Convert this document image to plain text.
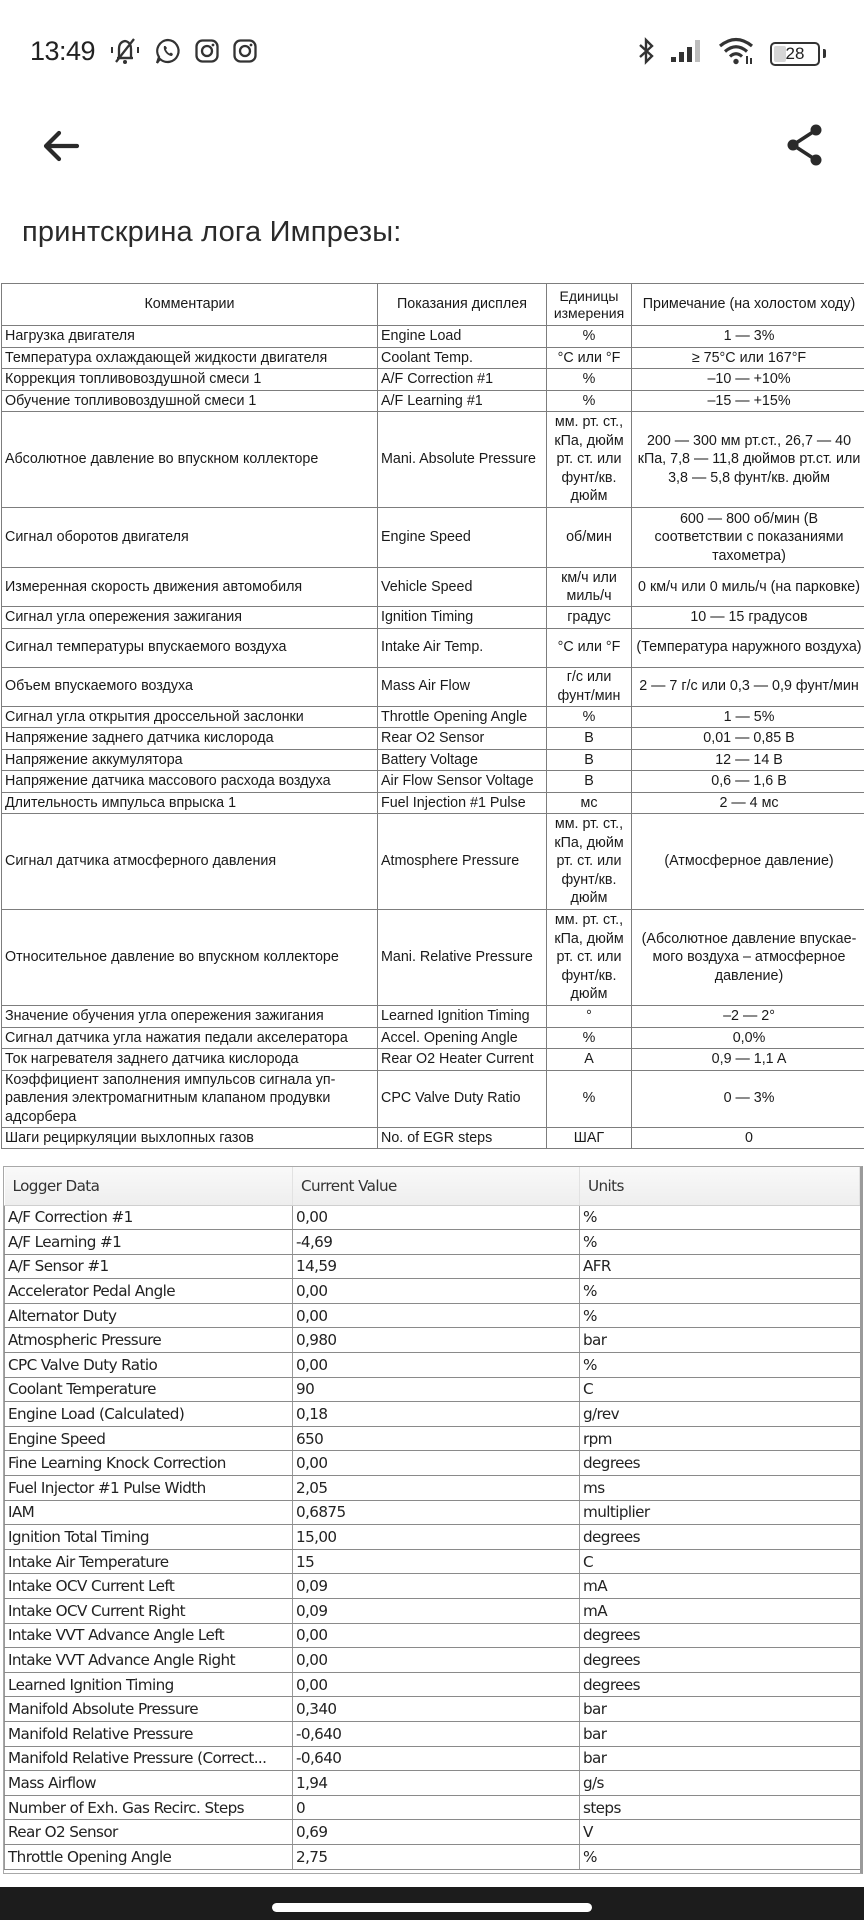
13:49	28
принтскрина лога Импрезы:
Комментарии	Показания дисплея	Единицы измерения	Примечание (на холостом ходу)
Нагрузка двигателя	Engine Load	%	1 — 3%
Температура охлаждающей жидкости двигателя	Coolant Temp.	°C или °F	≥ 75°C или 167°F
Коррекция топливовоздушной смеси 1	A/F Correction #1	%	–10 — +10%
Обучение топливовоздушной смеси 1	A/F Learning #1	%	–15 — +15%
Абсолютное давление во впускном коллекторе	Mani. Absolute Pressure	мм. рт. ст., кПа, дюйм рт. ст. или фунт/кв. дюйм	200 — 300 мм рт.ст., 26,7 — 40 кПа, 7,8 — 11,8 дюймов рт.ст. или 3,8 — 5,8 фунт/кв. дюйм
Сигнал оборотов двигателя	Engine Speed	об/мин	600 — 800 об/мин (В соответствии с показаниями тахометра)
Измеренная скорость движения автомобиля	Vehicle Speed	км/ч или миль/ч	0 км/ч или 0 миль/ч (на парковке)
Сигнал угла опережения зажигания	Ignition Timing	градус	10 — 15 градусов
Сигнал температуры впускаемого воздуха	Intake Air Temp.	°C или °F	(Температура наружного воздуха)
Объем впускаемого воздуха	Mass Air Flow	г/с или фунт/мин	2 — 7 г/с или 0,3 — 0,9 фунт/мин
Сигнал угла открытия дроссельной заслонки	Throttle Opening Angle	%	1 — 5%
Напряжение заднего датчика кислорода	Rear O2 Sensor	В	0,01 — 0,85 В
Напряжение аккумулятора	Battery Voltage	В	12 — 14 В
Напряжение датчика массового расхода воздуха	Air Flow Sensor Voltage	В	0,6 — 1,6 В
Длительность импульса впрыска 1	Fuel Injection #1 Pulse	мс	2 — 4 мс
Сигнал датчика атмосферного давления	Atmosphere Pressure	мм. рт. ст., кПа, дюйм рт. ст. или фунт/кв. дюйм	(Атмосферное давление)
Относительное давление во впускном коллекторе	Mani. Relative Pressure	мм. рт. ст., кПа, дюйм рт. ст. или фунт/кв. дюйм	(Абсолютное давление впускае-мого воздуха – атмосферное давление)
Значение обучения угла опережения зажигания	Learned Ignition Timing	°	–2 — 2°
Сигнал датчика угла нажатия педали акселератора	Accel. Opening Angle	%	0,0%
Ток нагревателя заднего датчика кислорода	Rear O2 Heater Current	A	0,9 — 1,1 A
Коэффициент заполнения импульсов сигнала уп-равления электромагнитным клапаном продувки адсорбера	CPC Valve Duty Ratio	%	0 — 3%
Шаги рециркуляции выхлопных газов	No. of EGR steps	ШАГ	0
Logger Data	Current Value	Units
A/F Correction #1	0,00	%
A/F Learning #1	-4,69	%
A/F Sensor #1	14,59	AFR
Accelerator Pedal Angle	0,00	%
Alternator Duty	0,00	%
Atmospheric Pressure	0,980	bar
CPC Valve Duty Ratio	0,00	%
Coolant Temperature	90	C
Engine Load (Calculated)	0,18	g/rev
Engine Speed	650	rpm
Fine Learning Knock Correction	0,00	degrees
Fuel Injector #1 Pulse Width	2,05	ms
IAM	0,6875	multiplier
Ignition Total Timing	15,00	degrees
Intake Air Temperature	15	C
Intake OCV Current Left	0,09	mA
Intake OCV Current Right	0,09	mA
Intake VVT Advance Angle Left	0,00	degrees
Intake VVT Advance Angle Right	0,00	degrees
Learned Ignition Timing	0,00	degrees
Manifold Absolute Pressure	0,340	bar
Manifold Relative Pressure	-0,640	bar
Manifold Relative Pressure (Correct...	-0,640	bar
Mass Airflow	1,94	g/s
Number of Exh. Gas Recirc. Steps	0	steps
Rear O2 Sensor	0,69	V
Throttle Opening Angle	2,75	%
